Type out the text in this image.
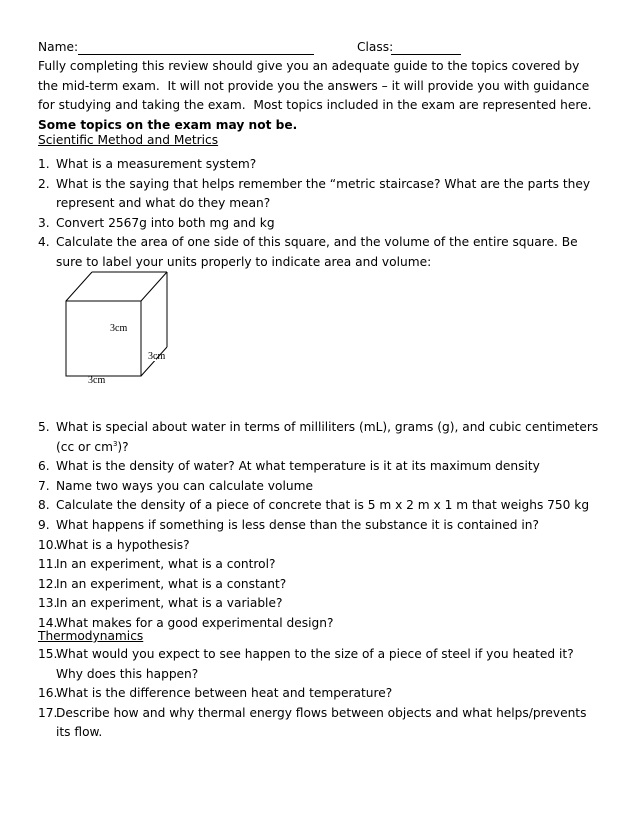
Name:	Class:

Fully completing this review should give you an adequate guide to the topics covered by the mid-term exam.  It will not provide you the answers – it will provide you with guidance for studying and taking the exam.  Most topics included in the exam are represented here.  Some topics on the exam may not be.

Scientific Method and Metrics
1. What is a measurement system?
2. What is the saying that helps remember the “metric staircase? What are the parts they represent and what do they mean?
3. Convert 2567g into both mg and kg
4. Calculate the area of one side of this square, and the volume of the entire square. Be sure to label your units properly to indicate area and volume:
3cm
3cm
3cm
5. What is special about water in terms of milliliters (mL), grams (g), and cubic centimeters (cc or $cm^3$)?
6. What is the density of water? At what temperature is it at its maximum density
7. Name two ways you can calculate volume
8. Calculate the density of a piece of concrete that is 5 m x 2 m x 1 m that weighs 750 kg
9. What happens if something is less dense than the substance it is contained in?
10.
What is a hypothesis?
11.
In an experiment, what is a control?
12.
In an experiment, what is a constant?
13.
In an experiment, what is a variable?
14.
What makes for a good experimental design?
Thermodynamics
15.
What would you expect to see happen to the size of a piece of steel if you heated it? Why does this happen?
16.
What is the difference between heat and temperature?
17.
Describe how and why thermal energy flows between objects and what helps/prevents its flow.
